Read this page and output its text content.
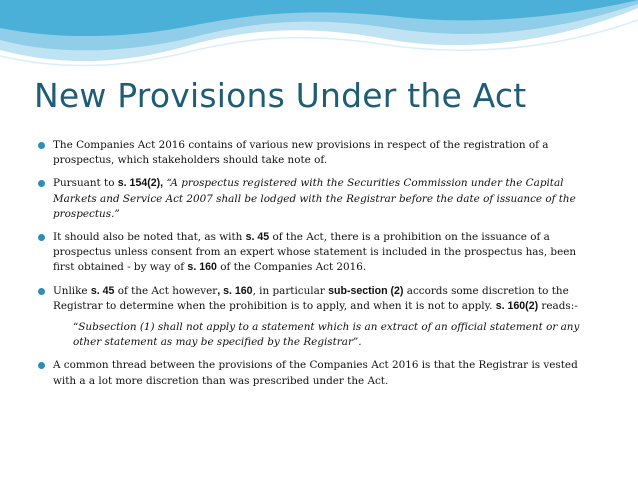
New Provisions Under the Act
The Companies Act 2016 contains of various new provisions in respect of the registration of a prospectus, which stakeholders should take note of.
Pursuant to s. 154(2), “A prospectus registered with the Securities Commission under the Capital Markets and Service Act 2007 shall be lodged with the Registrar before the date of issuance of the prospectus.”
It should also be noted that, as with s. 45 of the Act, there is a prohibition on the issuance of a prospectus unless consent from an expert whose statement is included in the prospectus has, been first obtained - by way of s. 160 of the Companies Act 2016.
Unlike s. 45 of the Act however, s. 160, in particular sub-section (2) accords some discretion to the Registrar to determine when the prohibition is to apply, and when it is not to apply. s. 160(2) reads:-
“Subsection (1) shall not apply to a statement which is an extract of an official statement or any other statement as may be specified by the Registrar”.
A common thread between the provisions of the Companies Act 2016 is that the Registrar is vested with a a lot more discretion than was prescribed under the Act.
